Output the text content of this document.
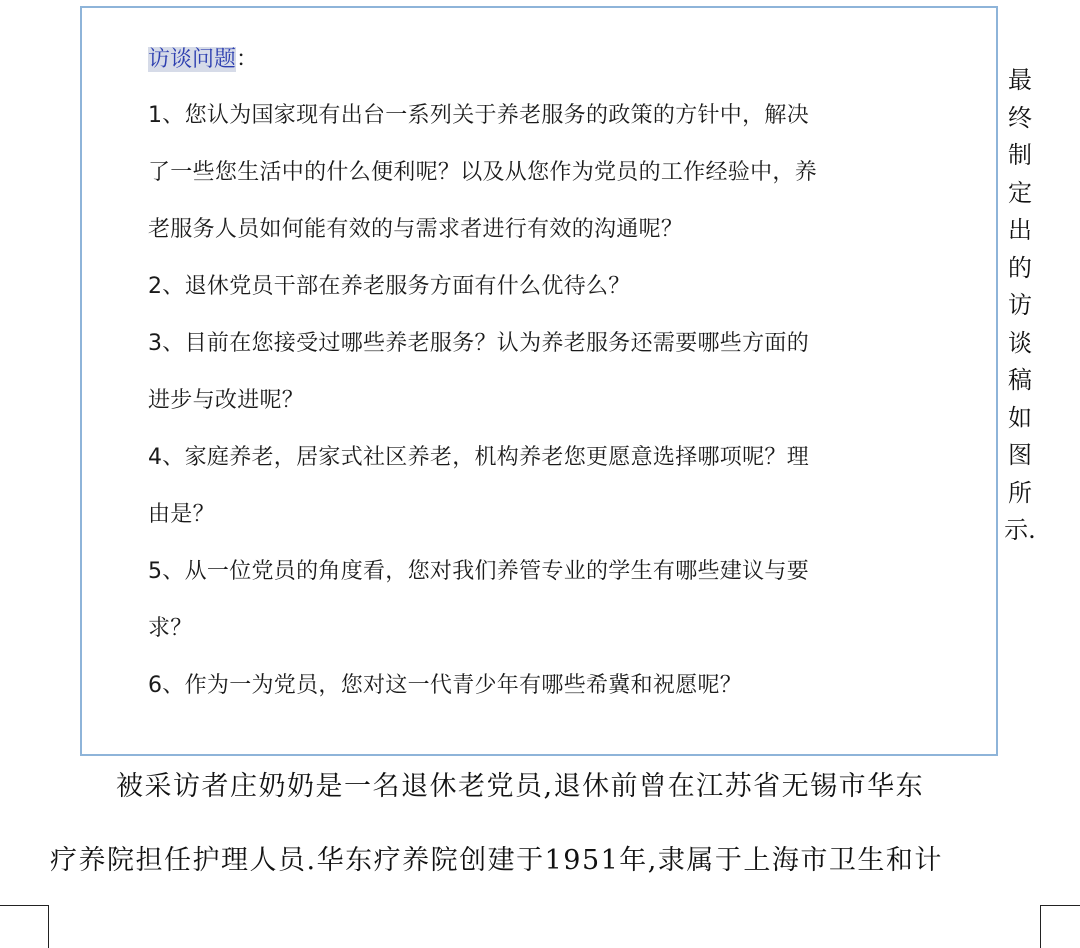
访谈问题：
1、您认为国家现有出台一系列关于养老服务的政策的方针中，解决
了一些您生活中的什么便利呢？以及从您作为党员的工作经验中，养
老服务人员如何能有效的与需求者进行有效的沟通呢？
2、退休党员干部在养老服务方面有什么优待么？
3、目前在您接受过哪些养老服务？认为养老服务还需要哪些方面的
进步与改进呢？
4、家庭养老，居家式社区养老，机构养老您更愿意选择哪项呢？理
由是？
5、从一位党员的角度看，您对我们养管专业的学生有哪些建议与要
求？
6、作为一为党员，您对这一代青少年有哪些希冀和祝愿呢？
最
终
制
定
出
的
访
谈
稿
如
图
所
示.
被采访者庄奶奶是一名退休老党员,退休前曾在江苏省无锡市华东
疗养院担任护理人员.华东疗养院创建于1951年,隶属于上海市卫生和计
